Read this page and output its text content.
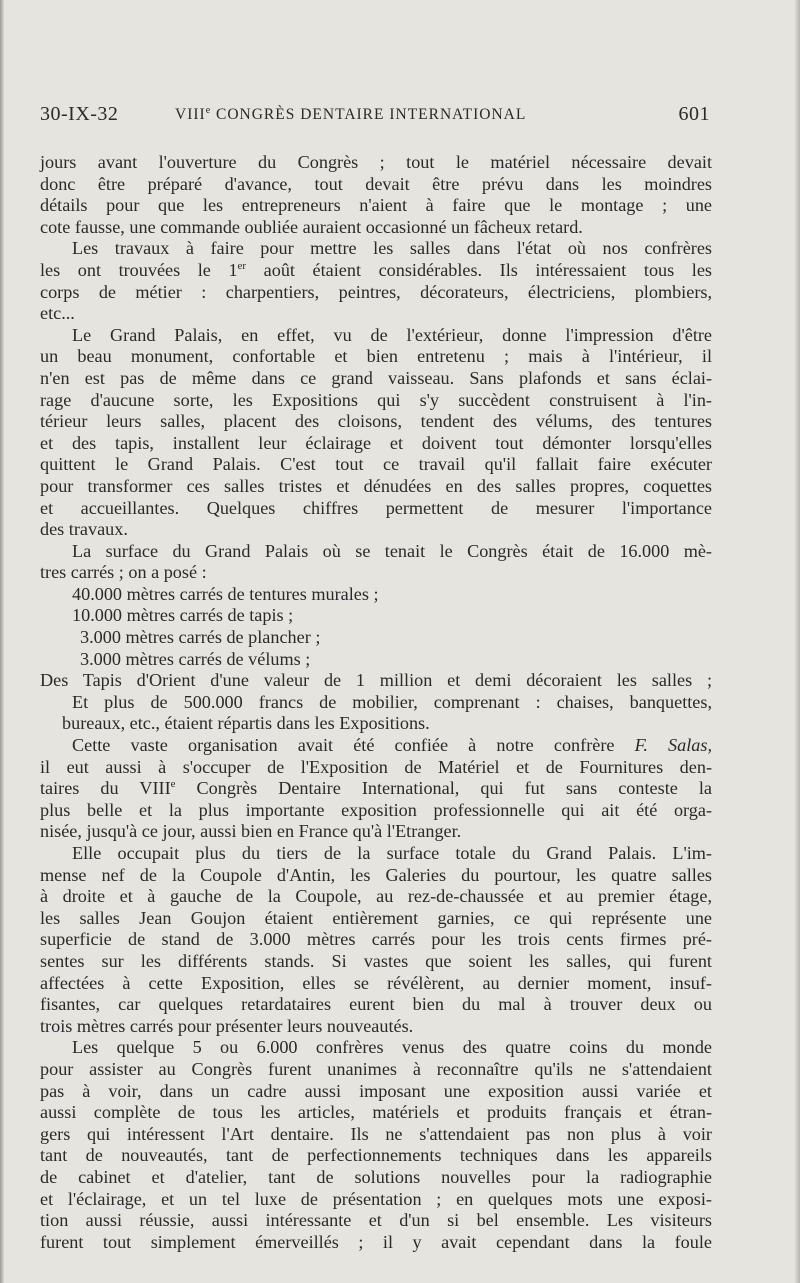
30-IX-32	VIIIe CONGRÈS DENTAIRE INTERNATIONAL	601

jours avant l'ouverture du Congrès ; tout le matériel nécessaire devait

donc être préparé d'avance, tout devait être prévu dans les moindres

détails pour que les entrepreneurs n'aient à faire que le montage ; une

cote fausse, une commande oubliée auraient occasionné un fâcheux retard.

Les travaux à faire pour mettre les salles dans l'état où nos confrères

les ont trouvées le 1er août étaient considérables. Ils intéressaient tous les

corps de métier : charpentiers, peintres, décorateurs, électriciens, plombiers,

etc...

Le Grand Palais, en effet, vu de l'extérieur, donne l'impression d'être

un beau monument, confortable et bien entretenu ; mais à l'intérieur, il

n'en est pas de même dans ce grand vaisseau. Sans plafonds et sans éclai-

rage d'aucune sorte, les Expositions qui s'y succèdent construisent à l'in-

térieur leurs salles, placent des cloisons, tendent des vélums, des tentures

et des tapis, installent leur éclairage et doivent tout démonter lorsqu'elles

quittent le Grand Palais. C'est tout ce travail qu'il fallait faire exécuter

pour transformer ces salles tristes et dénudées en des salles propres, coquettes

et accueillantes. Quelques chiffres permettent de mesurer l'importance

des travaux.

La surface du Grand Palais où se tenait le Congrès était de 16.000 mè-

tres carrés ; on a posé :

40.000 mètres carrés de tentures murales ;

10.000 mètres carrés de tapis ;

3.000 mètres carrés de plancher ;

3.000 mètres carrés de vélums ;

Des Tapis d'Orient d'une valeur de 1 million et demi décoraient les salles ;

Et plus de 500.000 francs de mobilier, comprenant : chaises, banquettes,

bureaux, etc., étaient répartis dans les Expositions.

Cette vaste organisation avait été confiée à notre confrère F. Salas,

il eut aussi à s'occuper de l'Exposition de Matériel et de Fournitures den-

taires du VIIIe Congrès Dentaire International, qui fut sans conteste la

plus belle et la plus importante exposition professionnelle qui ait été orga-

nisée, jusqu'à ce jour, aussi bien en France qu'à l'Etranger.

Elle occupait plus du tiers de la surface totale du Grand Palais. L'im-

mense nef de la Coupole d'Antin, les Galeries du pourtour, les quatre salles

à droite et à gauche de la Coupole, au rez-de-chaussée et au premier étage,

les salles Jean Goujon étaient entièrement garnies, ce qui représente une

superficie de stand de 3.000 mètres carrés pour les trois cents firmes pré-

sentes sur les différents stands. Si vastes que soient les salles, qui furent

affectées à cette Exposition, elles se révélèrent, au dernier moment, insuf-

fisantes, car quelques retardataires eurent bien du mal à trouver deux ou

trois mètres carrés pour présenter leurs nouveautés.

Les quelque 5 ou 6.000 confrères venus des quatre coins du monde

pour assister au Congrès furent unanimes à reconnaître qu'ils ne s'attendaient

pas à voir, dans un cadre aussi imposant une exposition aussi variée et

aussi complète de tous les articles, matériels et produits français et étran-

gers qui intéressent l'Art dentaire. Ils ne s'attendaient pas non plus à voir

tant de nouveautés, tant de perfectionnements techniques dans les appareils

de cabinet et d'atelier, tant de solutions nouvelles pour la radiographie

et l'éclairage, et un tel luxe de présentation ; en quelques mots une exposi-

tion aussi réussie, aussi intéressante et d'un si bel ensemble. Les visiteurs

furent tout simplement émerveillés ; il y avait cependant dans la foule
